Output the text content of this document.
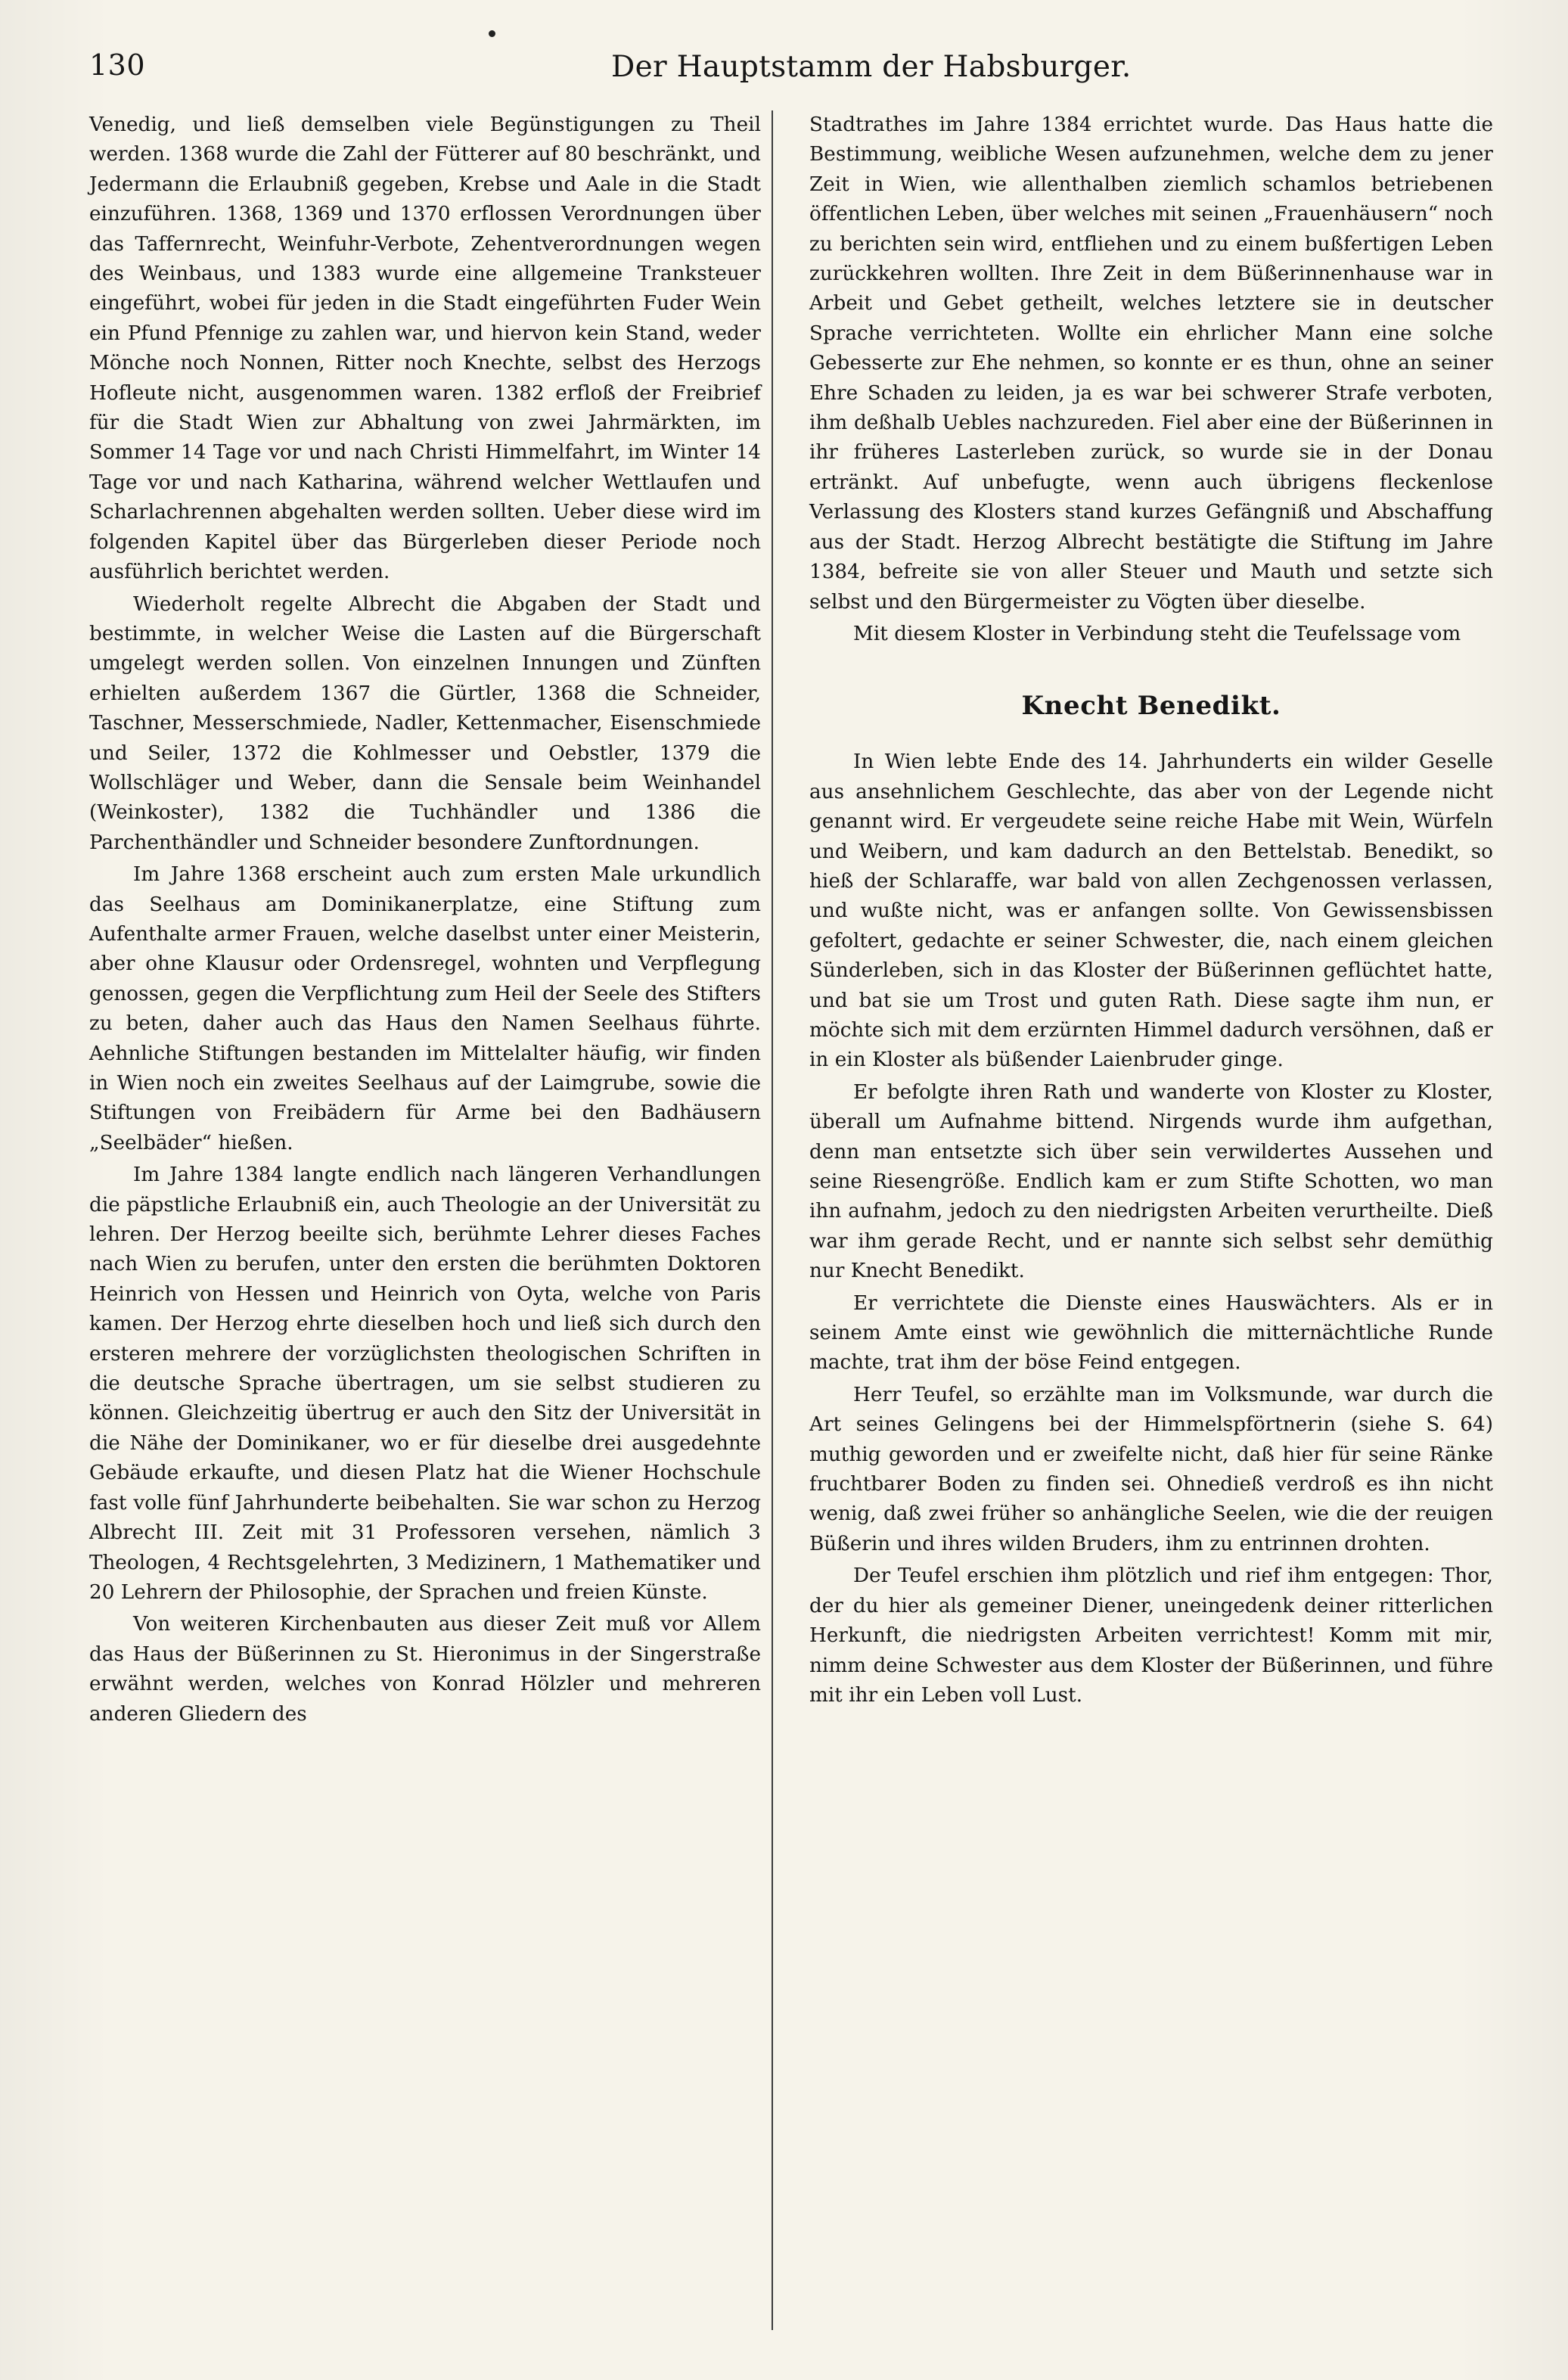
130	Der Hauptstamm der Habsburger.

Venedig, und ließ demselben viele Begünstigungen zu Theil werden. 1368 wurde die Zahl der Fütterer auf 80 beschränkt, und Jedermann die Erlaubniß gegeben, Krebse und Aale in die Stadt einzuführen. 1368, 1369 und 1370 erflossen Verordnungen über das Taffernrecht, Weinfuhr-Verbote, Zehentverordnungen wegen des Weinbaus, und 1383 wurde eine allgemeine Tranksteuer eingeführt, wobei für jeden in die Stadt eingeführten Fuder Wein ein Pfund Pfennige zu zahlen war, und hiervon kein Stand, weder Mönche noch Nonnen, Ritter noch Knechte, selbst des Herzogs Hofleute nicht, ausgenommen waren. 1382 erfloß der Freibrief für die Stadt Wien zur Abhaltung von zwei Jahrmärkten, im Sommer 14 Tage vor und nach Christi Himmelfahrt, im Winter 14 Tage vor und nach Katharina, während welcher Wettlaufen und Scharlachrennen abgehalten werden sollten. Ueber diese wird im folgenden Kapitel über das Bürgerleben dieser Periode noch ausführlich berichtet werden.

Wiederholt regelte Albrecht die Abgaben der Stadt und bestimmte, in welcher Weise die Lasten auf die Bürgerschaft umgelegt werden sollen. Von einzelnen Innungen und Zünften erhielten außerdem 1367 die Gürtler, 1368 die Schneider, Taschner, Messerschmiede, Nadler, Kettenmacher, Eisenschmiede und Seiler, 1372 die Kohlmesser und Oebstler, 1379 die Wollschläger und Weber, dann die Sensale beim Weinhandel (Weinkoster), 1382 die Tuchhändler und 1386 die Parchenthändler und Schneider besondere Zunftordnungen.

Im Jahre 1368 erscheint auch zum ersten Male urkundlich das Seelhaus am Dominikanerplatze, eine Stiftung zum Aufenthalte armer Frauen, welche daselbst unter einer Meisterin, aber ohne Klausur oder Ordensregel, wohnten und Verpflegung genossen, gegen die Verpflichtung zum Heil der Seele des Stifters zu beten, daher auch das Haus den Namen Seelhaus führte. Aehnliche Stiftungen bestanden im Mittelalter häufig, wir finden in Wien noch ein zweites Seelhaus auf der Laimgrube, sowie die Stiftungen von Freibädern für Arme bei den Badhäusern „Seelbäder“ hießen.

Im Jahre 1384 langte endlich nach längeren Verhandlungen die päpstliche Erlaubniß ein, auch Theologie an der Universität zu lehren. Der Herzog beeilte sich, berühmte Lehrer dieses Faches nach Wien zu berufen, unter den ersten die berühmten Doktoren Heinrich von Hessen und Heinrich von Oyta, welche von Paris kamen. Der Herzog ehrte dieselben hoch und ließ sich durch den ersteren mehrere der vorzüglichsten theologischen Schriften in die deutsche Sprache übertragen, um sie selbst studieren zu können. Gleichzeitig übertrug er auch den Sitz der Universität in die Nähe der Dominikaner, wo er für dieselbe drei ausgedehnte Gebäude erkaufte, und diesen Platz hat die Wiener Hochschule fast volle fünf Jahrhunderte beibehalten. Sie war schon zu Herzog Albrecht III. Zeit mit 31 Professoren versehen, nämlich 3 Theologen, 4 Rechtsgelehrten, 3 Medizinern, 1 Mathematiker und 20 Lehrern der Philosophie, der Sprachen und freien Künste.

Von weiteren Kirchenbauten aus dieser Zeit muß vor Allem das Haus der Büßerinnen zu St. Hieronimus in der Singerstraße erwähnt werden, welches von Konrad Hölzler und mehreren anderen Gliedern des

Stadtrathes im Jahre 1384 errichtet wurde. Das Haus hatte die Bestimmung, weibliche Wesen aufzunehmen, welche dem zu jener Zeit in Wien, wie allenthalben ziemlich schamlos betriebenen öffentlichen Leben, über welches mit seinen „Frauenhäusern“ noch zu berichten sein wird, entfliehen und zu einem bußfertigen Leben zurückkehren wollten. Ihre Zeit in dem Büßerinnenhause war in Arbeit und Gebet getheilt, welches letztere sie in deutscher Sprache verrichteten. Wollte ein ehrlicher Mann eine solche Gebesserte zur Ehe nehmen, so konnte er es thun, ohne an seiner Ehre Schaden zu leiden, ja es war bei schwerer Strafe verboten, ihm deßhalb Uebles nachzureden. Fiel aber eine der Büßerinnen in ihr früheres Lasterleben zurück, so wurde sie in der Donau ertränkt. Auf unbefugte, wenn auch übrigens fleckenlose Verlassung des Klosters stand kurzes Gefängniß und Abschaffung aus der Stadt. Herzog Albrecht bestätigte die Stiftung im Jahre 1384, befreite sie von aller Steuer und Mauth und setzte sich selbst und den Bürgermeister zu Vögten über dieselbe.

Mit diesem Kloster in Verbindung steht die Teufelssage vom

Knecht Benedikt.

In Wien lebte Ende des 14. Jahrhunderts ein wilder Geselle aus ansehnlichem Geschlechte, das aber von der Legende nicht genannt wird. Er vergeudete seine reiche Habe mit Wein, Würfeln und Weibern, und kam dadurch an den Bettelstab. Benedikt, so hieß der Schlaraffe, war bald von allen Zechgenossen verlassen, und wußte nicht, was er anfangen sollte. Von Gewissensbissen gefoltert, gedachte er seiner Schwester, die, nach einem gleichen Sünderleben, sich in das Kloster der Büßerinnen geflüchtet hatte, und bat sie um Trost und guten Rath. Diese sagte ihm nun, er möchte sich mit dem erzürnten Himmel dadurch versöhnen, daß er in ein Kloster als büßender Laienbruder ginge.

Er befolgte ihren Rath und wanderte von Kloster zu Kloster, überall um Aufnahme bittend. Nirgends wurde ihm aufgethan, denn man entsetzte sich über sein verwildertes Aussehen und seine Riesengröße. Endlich kam er zum Stifte Schotten, wo man ihn aufnahm, jedoch zu den niedrigsten Arbeiten verurtheilte. Dieß war ihm gerade Recht, und er nannte sich selbst sehr demüthig nur Knecht Benedikt.

Er verrichtete die Dienste eines Hauswächters. Als er in seinem Amte einst wie gewöhnlich die mitternächtliche Runde machte, trat ihm der böse Feind entgegen.

Herr Teufel, so erzählte man im Volksmunde, war durch die Art seines Gelingens bei der Himmelspförtnerin (siehe S. 64) muthig geworden und er zweifelte nicht, daß hier für seine Ränke fruchtbarer Boden zu finden sei. Ohnedieß verdroß es ihn nicht wenig, daß zwei früher so anhängliche Seelen, wie die der reuigen Büßerin und ihres wilden Bruders, ihm zu entrinnen drohten.

Der Teufel erschien ihm plötzlich und rief ihm entgegen: Thor, der du hier als gemeiner Diener, uneingedenk deiner ritterlichen Herkunft, die niedrigsten Arbeiten verrichtest! Komm mit mir, nimm deine Schwester aus dem Kloster der Büßerinnen, und führe mit ihr ein Leben voll Lust.
